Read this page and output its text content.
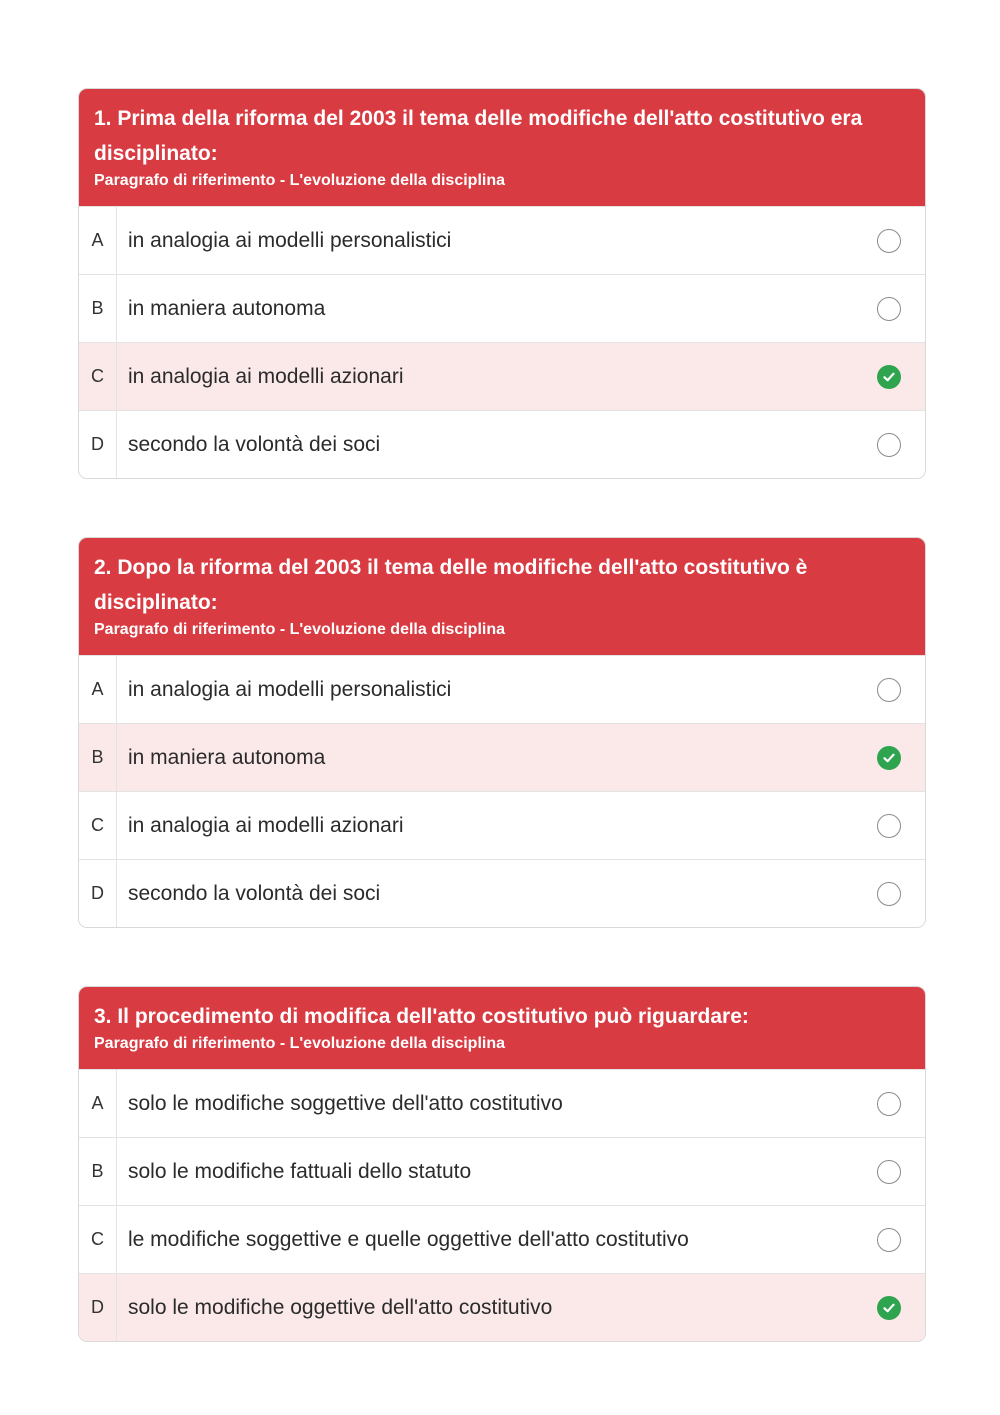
1. Prima della riforma del 2003 il tema delle modifiche dell'atto costitutivo era disciplinato:
Paragrafo di riferimento - L'evoluzione della disciplina
A	in analogia ai modelli personalistici
B	in maniera autonoma
C	in analogia ai modelli azionari
D	secondo la volontà dei soci
2. Dopo la riforma del 2003 il tema delle modifiche dell'atto costitutivo è disciplinato:
Paragrafo di riferimento - L'evoluzione della disciplina
A	in analogia ai modelli personalistici
B	in maniera autonoma
C	in analogia ai modelli azionari
D	secondo la volontà dei soci
3. Il procedimento di modifica dell'atto costitutivo può riguardare:
Paragrafo di riferimento - L'evoluzione della disciplina
A	solo le modifiche soggettive dell'atto costitutivo
B	solo le modifiche fattuali dello statuto
C	le modifiche soggettive e quelle oggettive dell'atto costitutivo
D	solo le modifiche oggettive dell'atto costitutivo
